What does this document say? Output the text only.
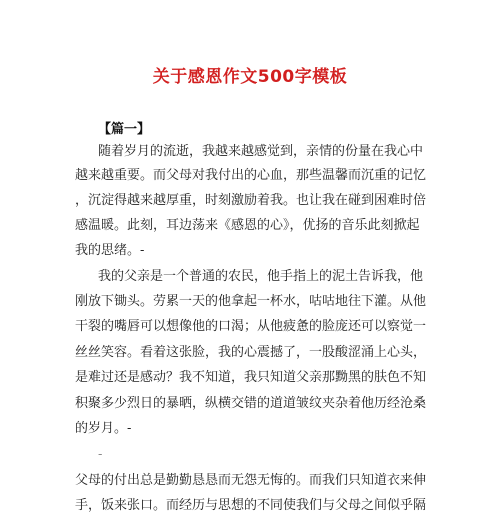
关于感恩作文500字模板
【篇一】
随着岁月的流逝，我越来越感觉到，亲情的份量在我心中
越来越重要。而父母对我付出的心血，那些温馨而沉重的记忆
，沉淀得越来越厚重，时刻激励着我。也让我在碰到困难时倍
感温暖。此刻，耳边荡来《感恩的心》，优扬的音乐此刻掀起
我的思绪。-
我的父亲是一个普通的农民，他手指上的泥土告诉我，他
刚放下锄头。劳累一天的他拿起一杯水，咕咕地往下灌。从他
干裂的嘴唇可以想像他的口渴；从他疲惫的脸庞还可以察觉一
丝丝笑容。看着这张脸，我的心震撼了，一股酸涩涌上心头，
是难过还是感动？我不知道，我只知道父亲那黝黑的肤色不知
积聚多少烈日的暴晒，纵横交错的道道皱纹夹杂着他历经沧桑
的岁月。-
-
父母的付出总是勤勤恳恳而无怨无悔的。而我们只知道衣来伸
手，饭来张口。而经历与思想的不同使我们与父母之间似乎隔
